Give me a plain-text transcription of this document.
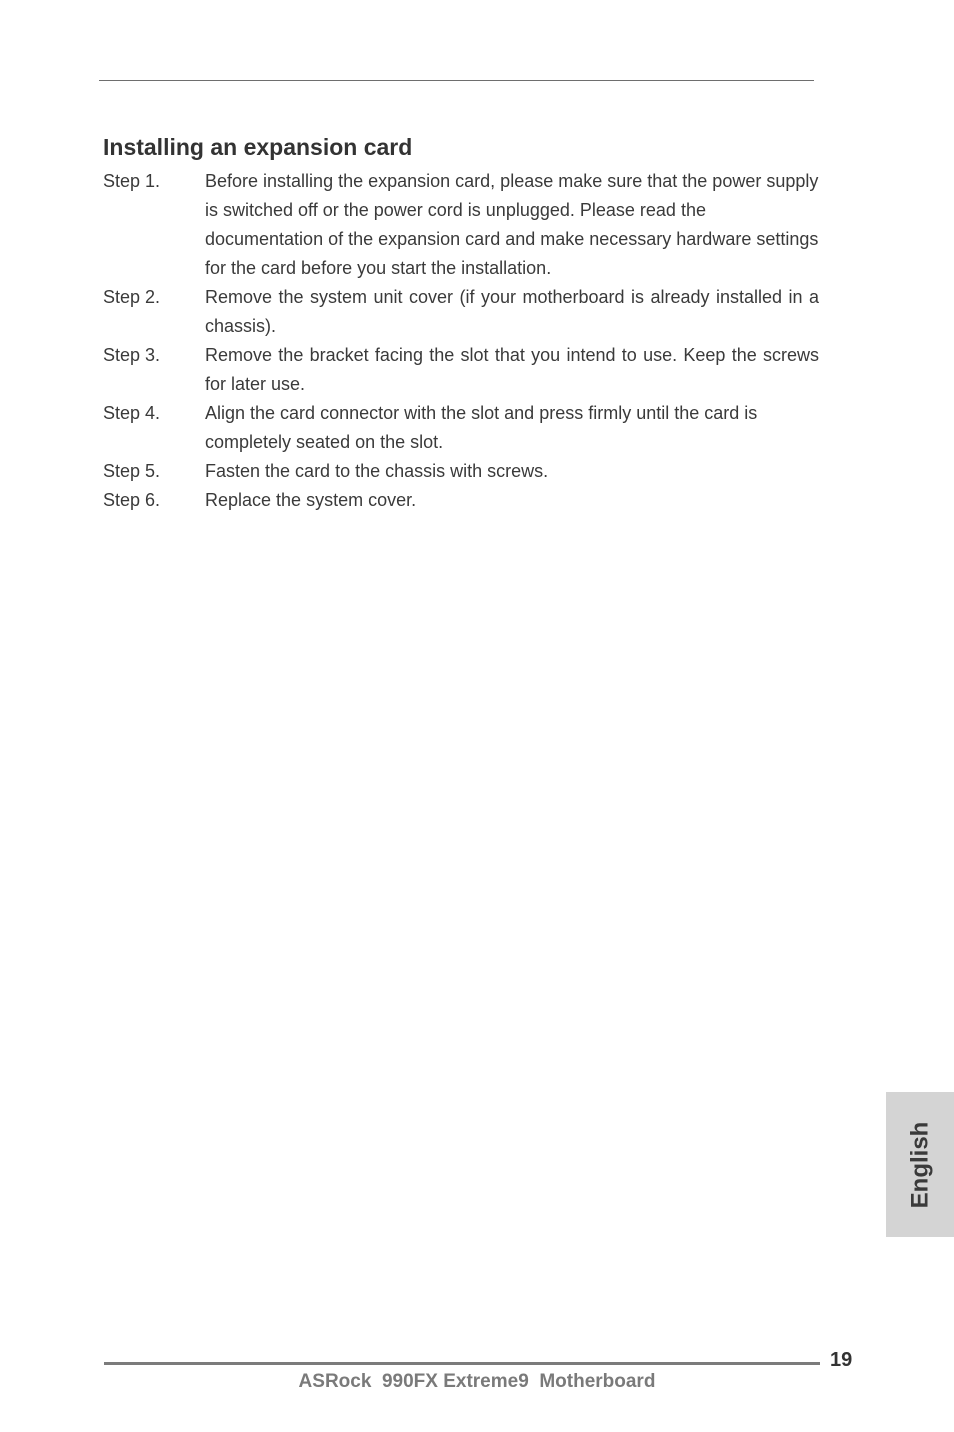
Installing an expansion card
Step 1.	Before installing the expansion card, please make sure that the power supply is switched off or the power cord is unplugged. Please read the documentation of the expansion card and make necessary hardware settings for the card before you start the installation.
Step 2.	Remove the system unit cover (if your motherboard is already installed in a chassis).
Step 3.	Remove the bracket facing the slot that you intend to use. Keep the screws for later use.
Step 4.	Align the card connector with the slot and press firmly until the card is completely seated on the slot.
Step 5.	Fasten the card to the chassis with screws.
Step 6.	Replace the system cover.
English
19
ASRock  990FX Extreme9  Motherboard
